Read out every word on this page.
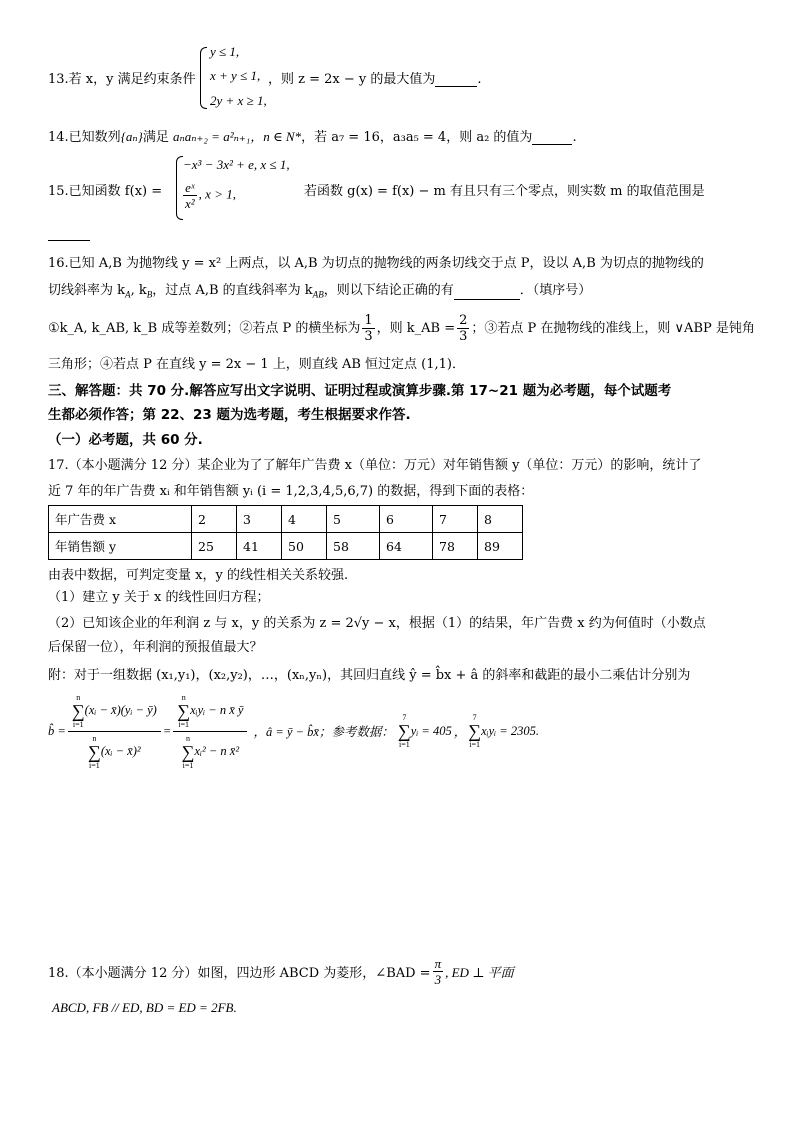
13.若 x，y 满足约束条件
y ≤ 1,
x + y ≤ 1,
2y + x ≥ 1,
，则 z = 2x − y 的最大值为	.
14.已知数列{aₙ}满足 aₙaₙ₊₂ = a²ₙ₊₁，n ∈ N*，若 a₇ = 16，a₃a₅ = 4，则 a₂ 的值为	.
15.已知函数 f(x) =
−x³ − 3x² + e, x ≤ 1,
$\frac{\text{eˣ}}{\text{x²}}$ , x > 1,	若函数 g(x) = f(x) − m 有且只有三个零点，则实数 m 的取值范围是
16.已知 A,B 为抛物线 y = x² 上两点，以 A,B 为切点的抛物线的两条切线交于点 P，设以 A,B 为切点的抛物线的
切线斜率为 $k_A$, $k_B$，过点 A,B 的直线斜率为 $k_{AB}$，则以下结论正确的有	．（填序号）
①k_A, k_AB, k_B 成等差数列；②若点 P 的横坐标为 $\frac{1}{3}$ ，则 k_AB = $\frac{2}{3}$ ；③若点 P 在抛物线的准线上，则 ∨ABP 是钝角
三角形；④若点 P 在直线 y = 2x − 1 上，则直线 AB 恒过定点 (1,1)．
三、解答题：共 70 分.解答应写出文字说明、证明过程或演算步骤.第 17~21 题为必考题，每个试题考
生都必须作答；第 22、23 题为选考题，考生根据要求作答.
（一）必考题，共 60 分.
17.（本小题满分 12 分）某企业为了了解年广告费 x（单位：万元）对年销售额 y（单位：万元）的影响，统计了
近 7 年的年广告费 xᵢ 和年销售额 yᵢ (i = 1,2,3,4,5,6,7) 的数据，得到下面的表格：
年广告费 x	2	3	4	5	6	7	8
年销售额 y	25	41	50	58	64	78	89
由表中数据，可判定变量 x，y 的线性相关关系较强.
（1）建立 y 关于 x 的线性回归方程；
（2）已知该企业的年利润 z 与 x，y 的关系为 z = 2√y − x，根据（1）的结果，年广告费 x 约为何值时（小数点
后保留一位），年利润的预报值最大？
附：对于一组数据 (x₁,y₁)，(x₂,y₂)，…，(xₙ,yₙ)，其回归直线 ŷ = b̂x + â 的斜率和截距的最小二乘估计分别为
b̂ =
n
∑
i=1(xᵢ − x̄)(yᵢ − ȳ)
n
∑
i=1(xᵢ − x̄)²
=
n
∑
i=1xᵢyᵢ − n x̄ ȳ
n
∑
i=1xᵢ² − n x̄²
，â = ȳ − b̂x̄；参考数据：
7
∑
i=1
yᵢ = 405 ，
7
∑
i=1
xᵢyᵢ = 2305.
18.（本小题满分 12 分）如图，四边形 ABCD 为菱形，∠BAD = $\frac{\pi}{3}$ , ED ⊥ 平面
ABCD, FB // ED, BD = ED = 2FB.
